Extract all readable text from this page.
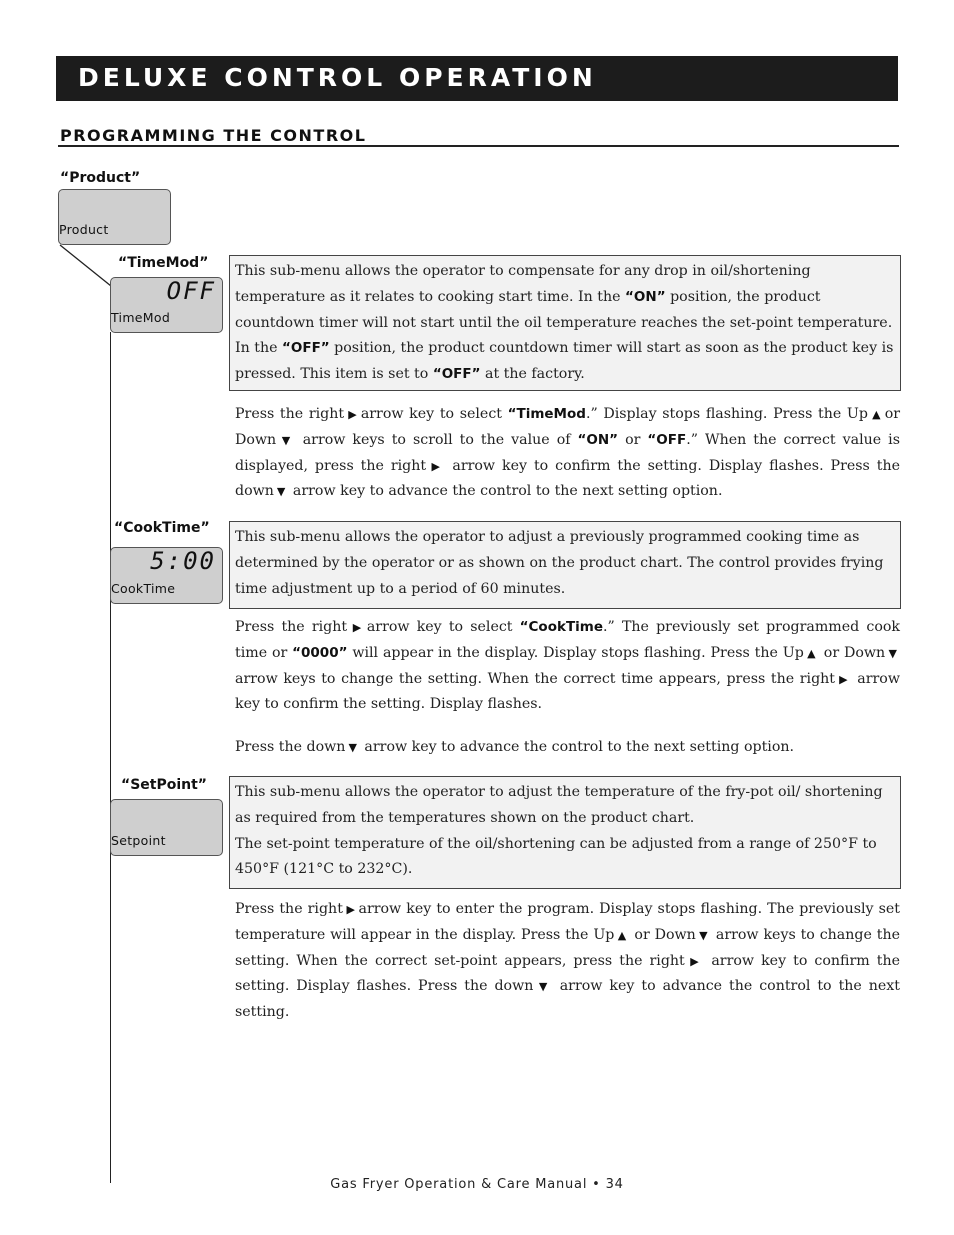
DELUXE CONTROL OPERATION
PROGRAMMING THE CONTROL
“Product”
Product
“TimeMod”
OFF
TimeMod
This sub-menu allows the operator to compensate for any drop in oil/shortening temperature as it relates to cooking start time. In the “ON” position, the product countdown timer will not start until the oil temperature reaches the set-point temperature. In the “OFF” position, the product countdown timer will start as soon as the product key is pressed. This item is set to “OFF” at the factory.
Press the right ▶ arrow key to select “TimeMod.” Display stops flashing. Press the Up ▲ or Down ▼ arrow keys to scroll to the value of “ON” or “OFF.” When the correct value is displayed, press the right ▶ arrow key to confirm the setting. Display flashes. Press the down ▼ arrow key to advance the control to the next setting option.
“CookTime”
5:00
CookTime
This sub-menu allows the operator to adjust a previously programmed cooking time as determined by the operator or as shown on the product chart. The control provides frying time adjustment up to a period of 60 minutes.
Press the right ▶ arrow key to select “CookTime.” The previously set programmed cook time or “0000” will appear in the display. Display stops flashing. Press the Up ▲ or Down ▼ arrow keys to change the setting. When the correct time appears, press the right ▶ arrow key to confirm the setting. Display flashes.
Press the down ▼ arrow key to advance the control to the next setting option.
“SetPoint”
Setpoint
This sub-menu allows the operator to adjust the temperature of the fry-pot oil/ shortening as required from the temperatures shown on the product chart.
The set-point temperature of the oil/shortening can be adjusted from a range of 250°F to 450°F (121°C to 232°C).
Press the right ▶ arrow key to enter the program. Display stops flashing. The previously set temperature will appear in the display. Press the Up ▲ or Down ▼ arrow keys to change the setting. When the correct set-point appears, press the right ▶ arrow key to confirm the setting. Display flashes. Press the down ▼ arrow key to advance the control to the next setting.
Gas Fryer Operation & Care Manual • 34
